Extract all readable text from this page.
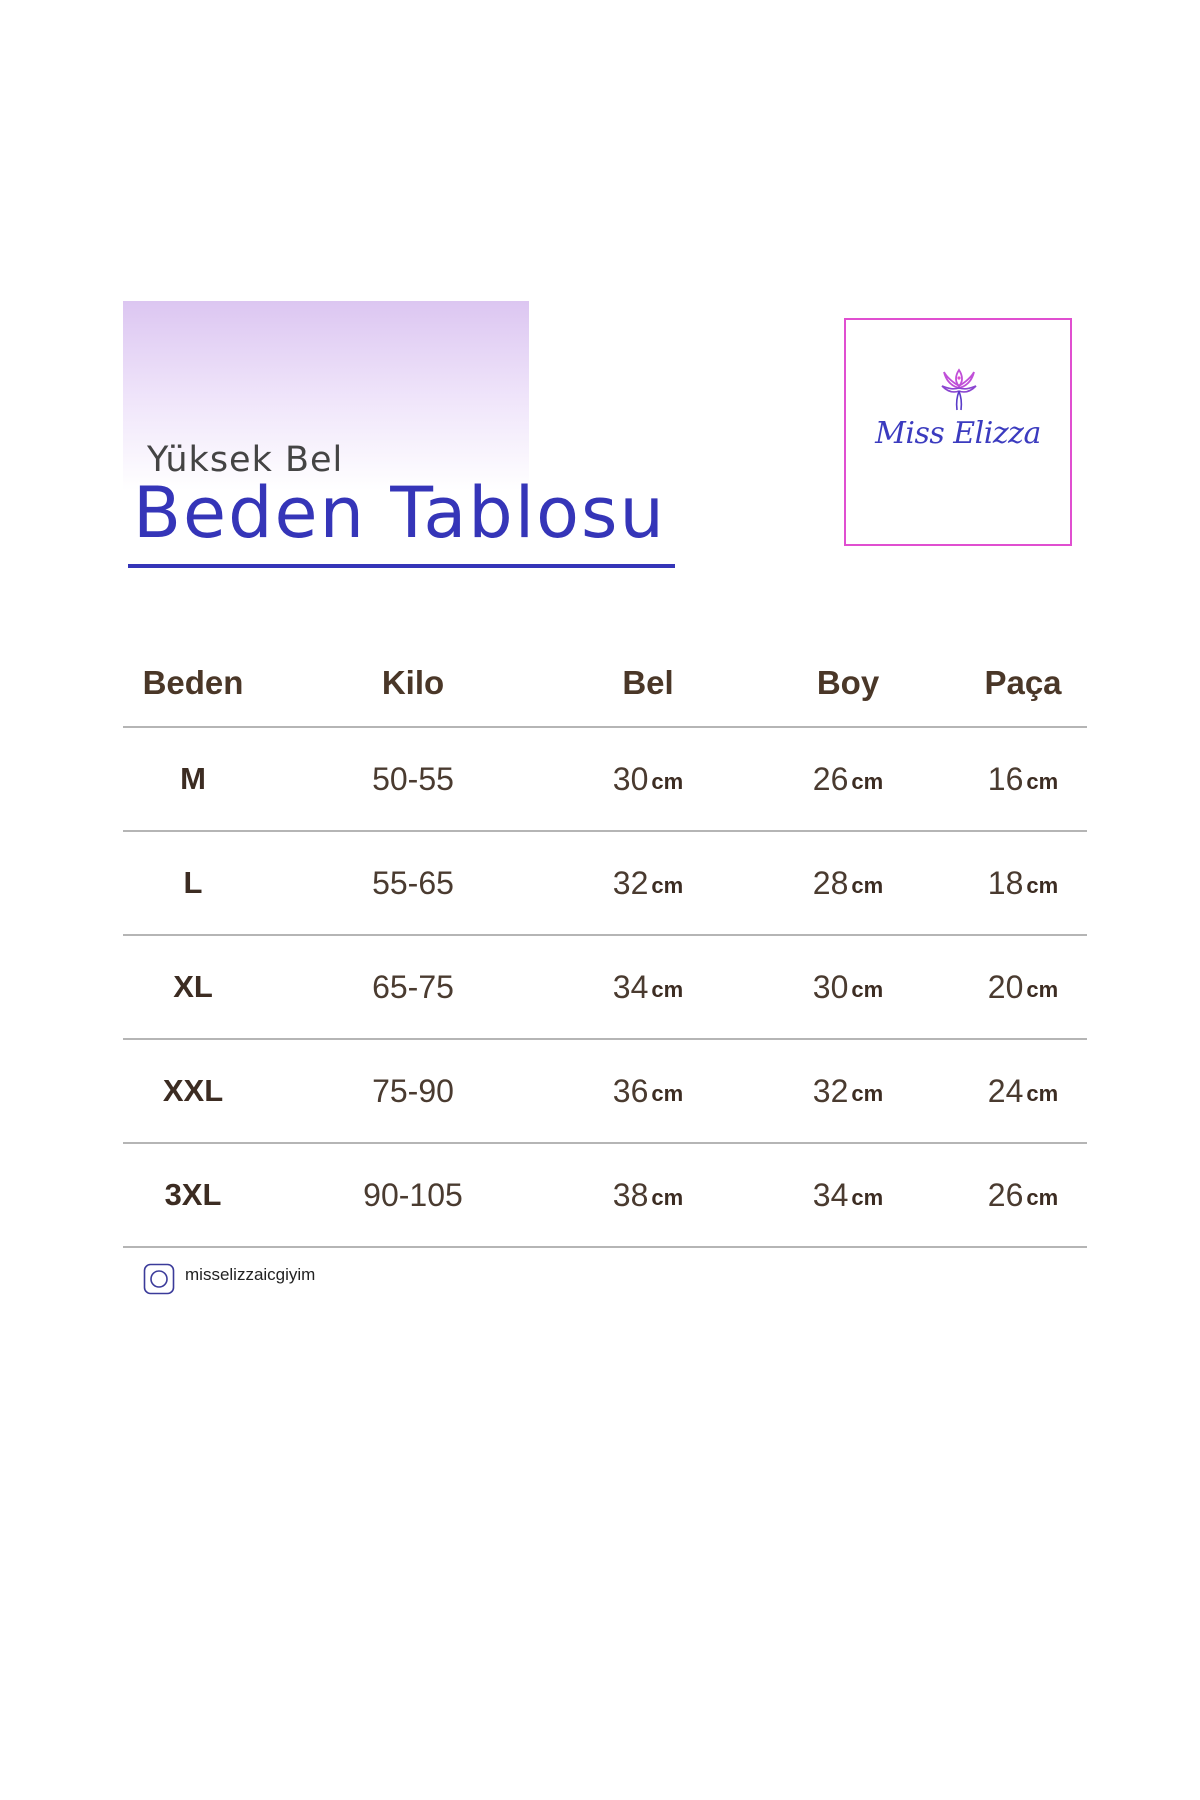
Yüksek Bel
Beden Tablosu
Miss Elizza
Beden	Kilo	Bel	Boy	Paça
M	50-55	30 cm	26 cm	16 cm
L	55-65	32 cm	28 cm	18 cm
XL	65-75	34 cm	30 cm	20 cm
XXL	75-90	36 cm	32 cm	24 cm
3XL	90-105	38 cm	34 cm	26 cm
misselizzaicgiyim
